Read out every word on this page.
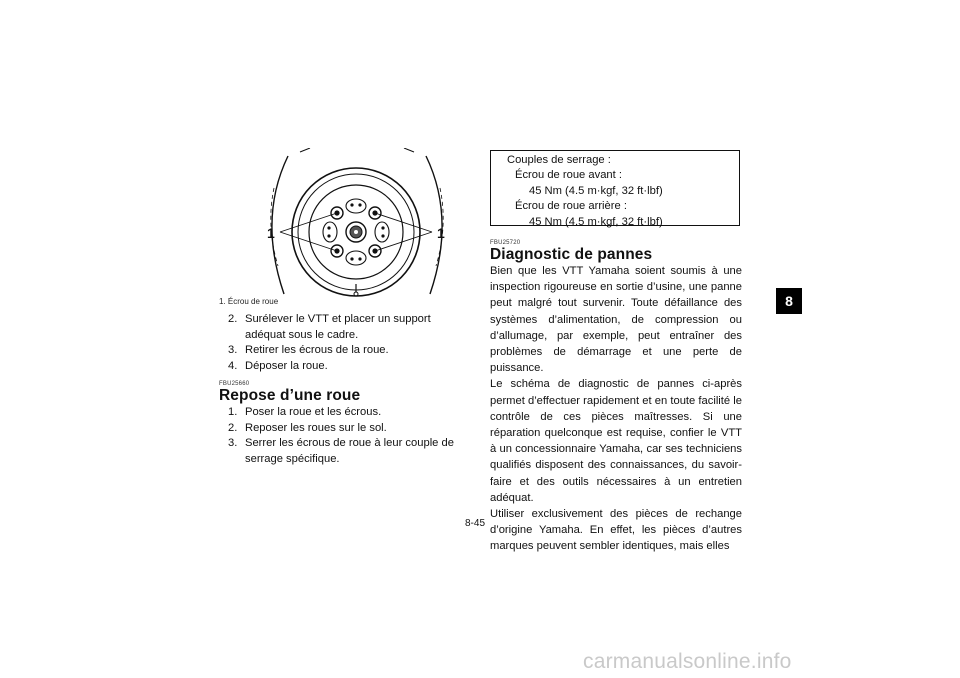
1	1
1. Écrou de roue
2. Surélever le VTT et placer un support adéquat sous le cadre.
3. Retirer les écrous de la roue.
4. Déposer la roue.
FBU25660
Repose d’une roue
1. Poser la roue et les écrous.
2. Reposer les roues sur le sol.
3. Serrer les écrous de roue à leur couple de serrage spécifique.
Couples de serrage :
Écrou de roue avant :
45 Nm (4.5 m·kgf, 32 ft·lbf)
Écrou de roue arrière :
45 Nm (4.5 m·kgf, 32 ft·lbf)
FBU25720
Diagnostic de pannes

Bien que les VTT Yamaha soient soumis à une inspection rigoureuse en sortie d’usine, une panne peut malgré tout survenir. Toute défaillance des systèmes d’alimentation, de compression ou d’allumage, par exemple, peut entraîner des problèmes de démarrage et une perte de puissance.

Le schéma de diagnostic de pannes ci-après permet d’effectuer rapidement et en toute facilité le contrôle de ces pièces maîtresses. Si une réparation quelconque est requise, confier le VTT à un concessionnaire Yamaha, car ses techniciens qualifiés disposent des connaissances, du savoir-faire et des outils nécessaires à un entretien adéquat.

Utiliser exclusivement des pièces de rechange d’origine Yamaha. En effet, les pièces d’autres marques peuvent sembler identiques, mais elles

8
8-45
carmanualsonline.info
